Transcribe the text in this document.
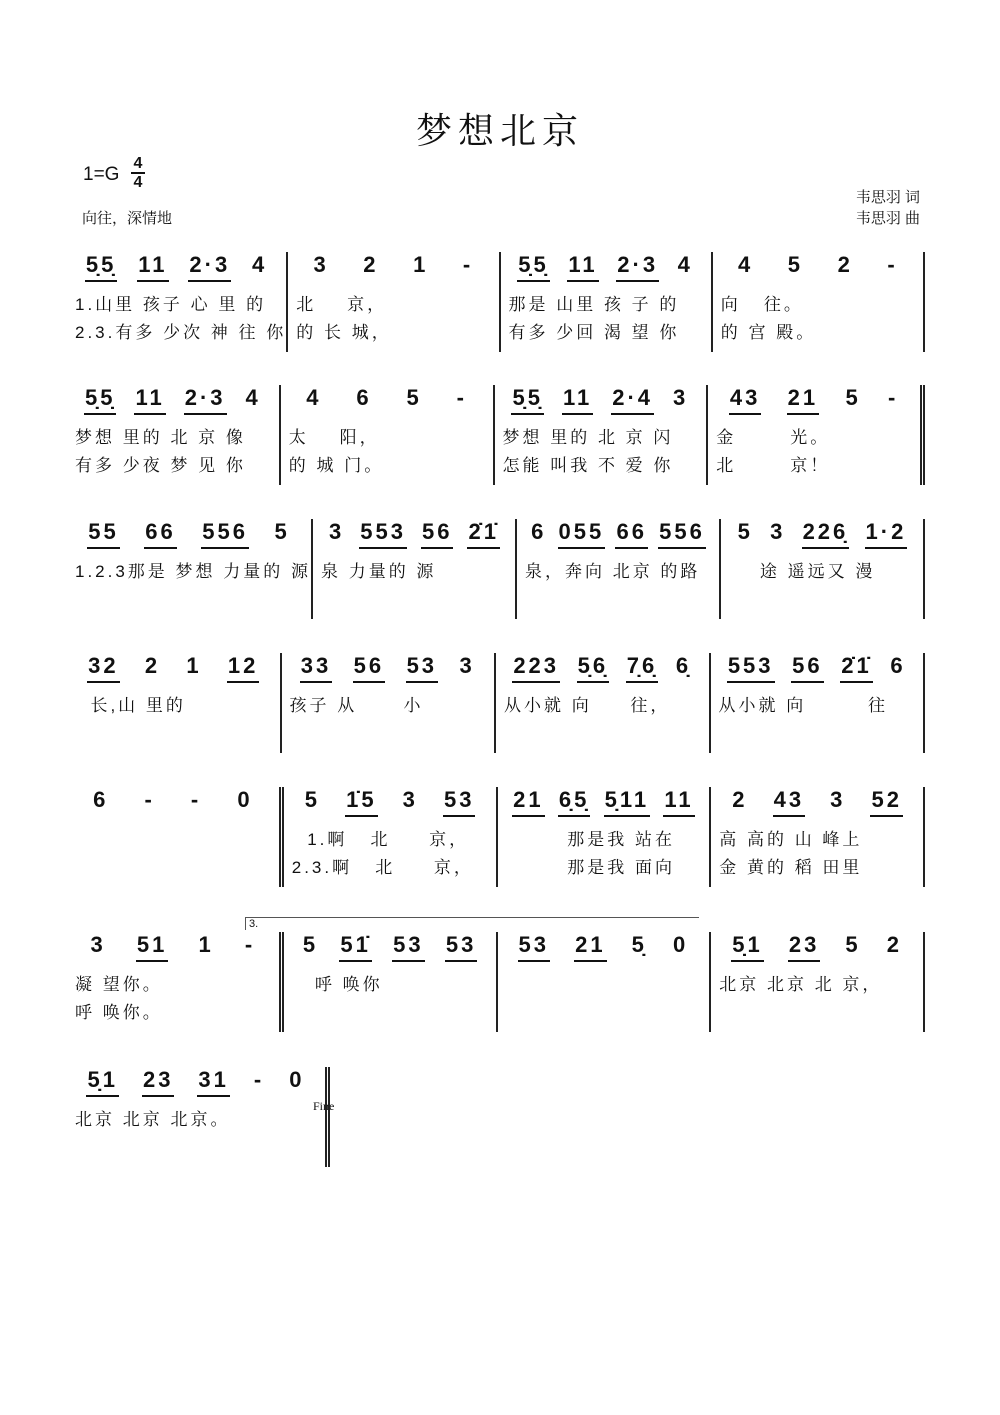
梦想北京
$1=G \frac{4}{4}$
向往，深情地
韦思羽 词
韦思羽 曲
3.
Fine
5̣5̣ 11 2·3 4
1.山里 孩子 心 里 的
2.3.有多 少次 神 往 你
3 2 1 -
北    京，
的 长 城，
5̣5̣ 11 2·3 4
那是 山里 孩 子 的
有多 少回 渴 望 你
4 5 2 -
向   往。
的 宫 殿。
5̣5̣ 11 2·3 4
梦想 里的 北 京 像
有多 少夜 梦 见 你
4 6 5 -
太    阳，
的 城 门。
5̣5̣ 11 2·4 3
梦想 里的 北 京 闪
怎能 叫我 不 爱 你
43 21 5 -
金       光。
北       京！
55 66 556 5
1.2.3那是 梦想 力量的 源
3 553 56 2̇1̇
泉 力量的 源
6 055 66 556
泉，奔向 北京 的路
5 3 226̣ 1·2
途 遥远又 漫
32 2 1 12
长,山 里的
33 56 53 3
孩子 从      小
223 5̣6̣ 7̣6̣ 6̣
从小就 向     往，
553 56 2̇1̇ 6
从小就 向        往
6 - - 0 5 1̇5 3 53
1.啊   北     京，
2.3.啊   北     京，
21 6̣5̣ 5̣11 11
那是我 站在
那是我 面向
2 43 3 52
高 高的 山 峰上
金 黄的 稻 田里
3 51 1 -
凝 望你。
呼 唤你。
5 51̇ 53 53
呼 唤你
53 21 5̣ 0 5̣1 23 5 2
北京 北京 北 京，
5̣1 23 31 - 0
北京 北京 北京。
